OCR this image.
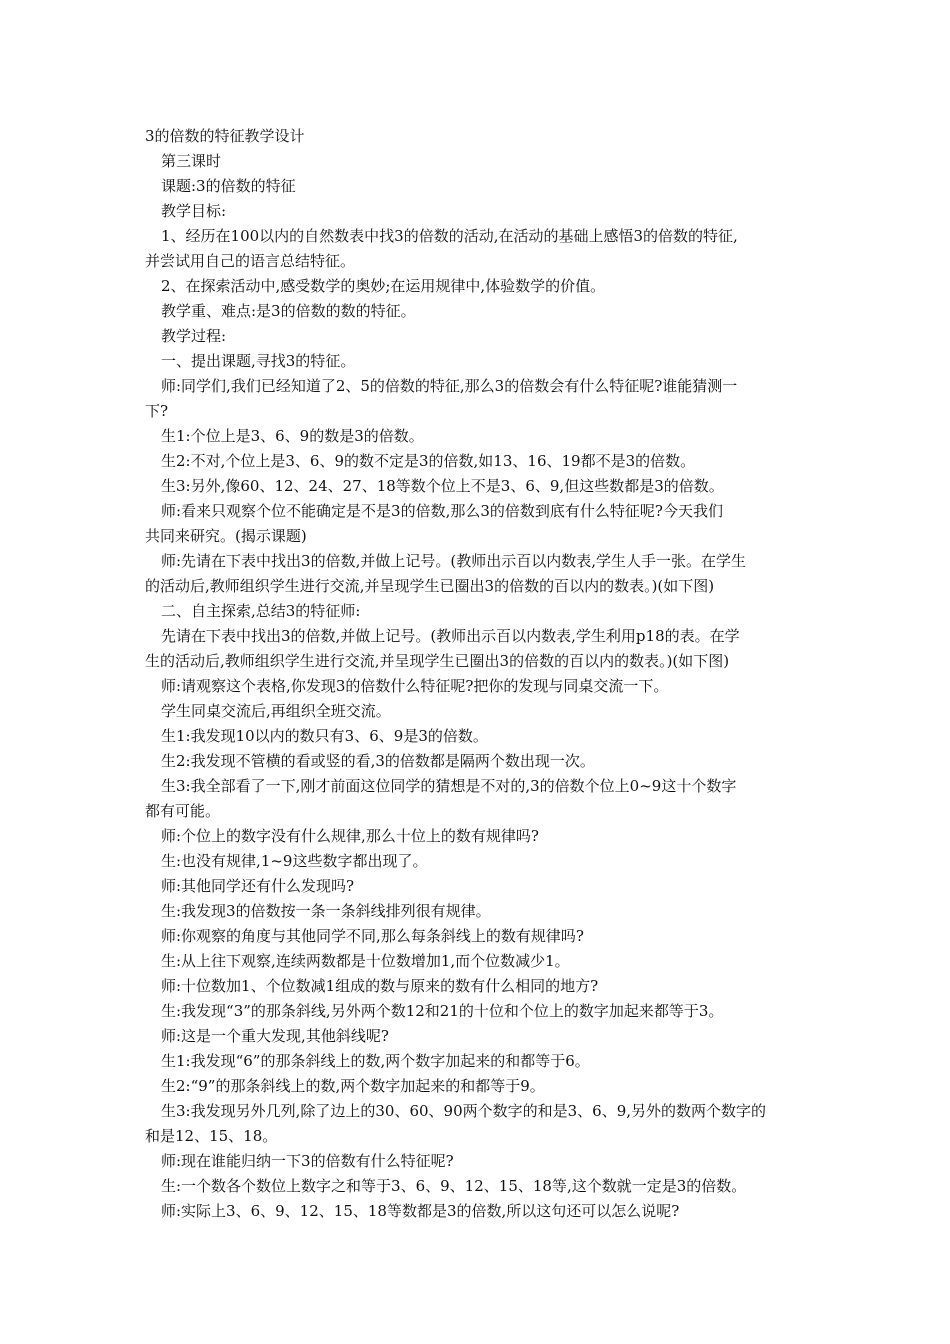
3的倍数的特征教学设计
第三课时
课题:3的倍数的特征
教学目标:
1、经历在100以内的自然数表中找3的倍数的活动,在活动的基础上感悟3的倍数的特征,
并尝试用自己的语言总结特征。
2、在探索活动中,感受数学的奥妙;在运用规律中,体验数学的价值。
教学重、难点:是3的倍数的数的特征。
教学过程:
一、提出课题,寻找3的特征。
师:同学们,我们已经知道了2、5的倍数的特征,那么3的倍数会有什么特征呢?谁能猜测一
下?
生1:个位上是3、6、9的数是3的倍数。
生2:不对,个位上是3、6、9的数不定是3的倍数,如13、16、19都不是3的倍数。
生3:另外,像60、12、24、27、18等数个位上不是3、6、9,但这些数都是3的倍数。
师:看来只观察个位不能确定是不是3的倍数,那么3的倍数到底有什么特征呢?今天我们
共同来研究。(揭示课题)
师:先请在下表中找出3的倍数,并做上记号。(教师出示百以内数表,学生人手一张。在学生
的活动后,教师组织学生进行交流,并呈现学生已圈出3的倍数的百以内的数表。)(如下图)
二、自主探索,总结3的特征师:
先请在下表中找出3的倍数,并做上记号。(教师出示百以内数表,学生利用p18的表。在学
生的活动后,教师组织学生进行交流,并呈现学生已圈出3的倍数的百以内的数表。)(如下图)
师:请观察这个表格,你发现3的倍数什么特征呢?把你的发现与同桌交流一下。
学生同桌交流后,再组织全班交流。
生1:我发现10以内的数只有3、6、9是3的倍数。
生2:我发现不管横的看或竖的看,3的倍数都是隔两个数出现一次。
生3:我全部看了一下,刚才前面这位同学的猜想是不对的,3的倍数个位上0~9这十个数字
都有可能。
师:个位上的数字没有什么规律,那么十位上的数有规律吗?
生:也没有规律,1~9这些数字都出现了。
师:其他同学还有什么发现吗?
生:我发现3的倍数按一条一条斜线排列很有规律。
师:你观察的角度与其他同学不同,那么每条斜线上的数有规律吗?
生:从上往下观察,连续两数都是十位数增加1,而个位数减少1。
师:十位数加1、个位数减1组成的数与原来的数有什么相同的地方?
生:我发现“3”的那条斜线,另外两个数12和21的十位和个位上的数字加起来都等于3。
师:这是一个重大发现,其他斜线呢?
生1:我发现“6”的那条斜线上的数,两个数字加起来的和都等于6。
生2:“9”的那条斜线上的数,两个数字加起来的和都等于9。
生3:我发现另外几列,除了边上的30、60、90两个数字的和是3、6、9,另外的数两个数字的
和是12、15、18。
师:现在谁能归纳一下3的倍数有什么特征呢?
生:一个数各个数位上数字之和等于3、6、9、12、15、18等,这个数就一定是3的倍数。
师:实际上3、6、9、12、15、18等数都是3的倍数,所以这句还可以怎么说呢?
